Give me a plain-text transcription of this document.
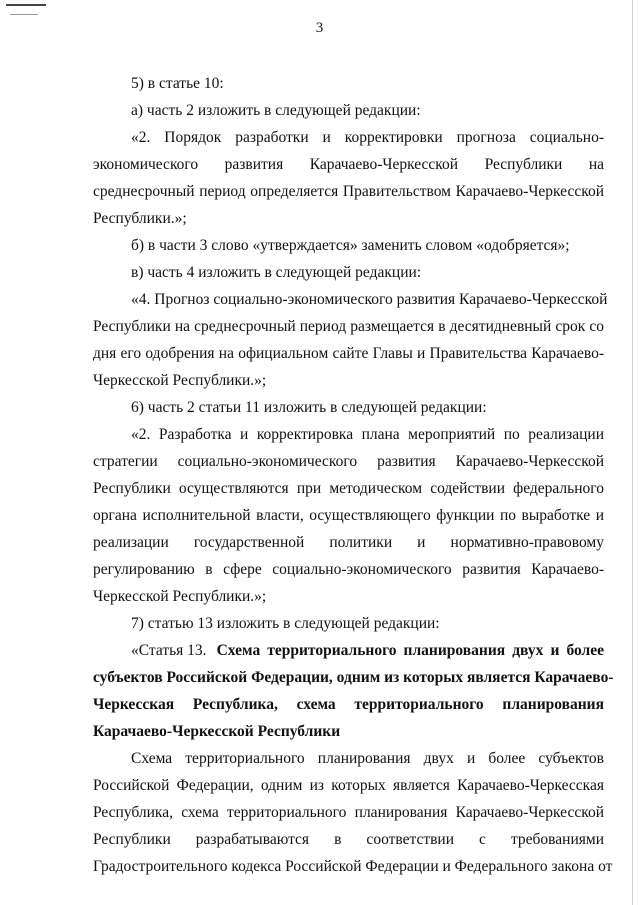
3
5) в статье 10:
а) часть 2 изложить в следующей редакции:
«2. Порядок разработки и корректировки прогноза социально-
экономического развития Карачаево-Черкесской Республики на
среднесрочный период определяется Правительством Карачаево-Черкесской
Республики.»;
б) в части 3 слово «утверждается» заменить словом «одобряется»;
в) часть 4 изложить в следующей редакции:
«4. Прогноз социально-экономического развития Карачаево-Черкесской
Республики на среднесрочный период размещается в десятидневный срок со
дня его одобрения на официальном сайте Главы и Правительства Карачаево-
Черкесской Республики.»;
6) часть 2 статьи 11 изложить в следующей редакции:
«2. Разработка и корректировка плана мероприятий по реализации
стратегии социально-экономического развития Карачаево-Черкесской
Республики осуществляются при методическом содействии федерального
органа исполнительной власти, осуществляющего функции по выработке и
реализации государственной политики и нормативно-правовому
регулированию в сфере социально-экономического развития Карачаево-
Черкесской Республики.»;
7) статью 13 изложить в следующей редакции:
«Статья 13. Схема территориального планирования двух и более
субъектов Российской Федерации, одним из которых является Карачаево-
Черкесская Республика, схема территориального планирования
Карачаево-Черкесской Республики
Схема территориального планирования двух и более субъектов
Российской Федерации, одним из которых является Карачаево-Черкесская
Республика, схема территориального планирования Карачаево-Черкесской
Республики разрабатываются в соответствии с требованиями
Градостроительного кодекса Российской Федерации и Федерального закона от
